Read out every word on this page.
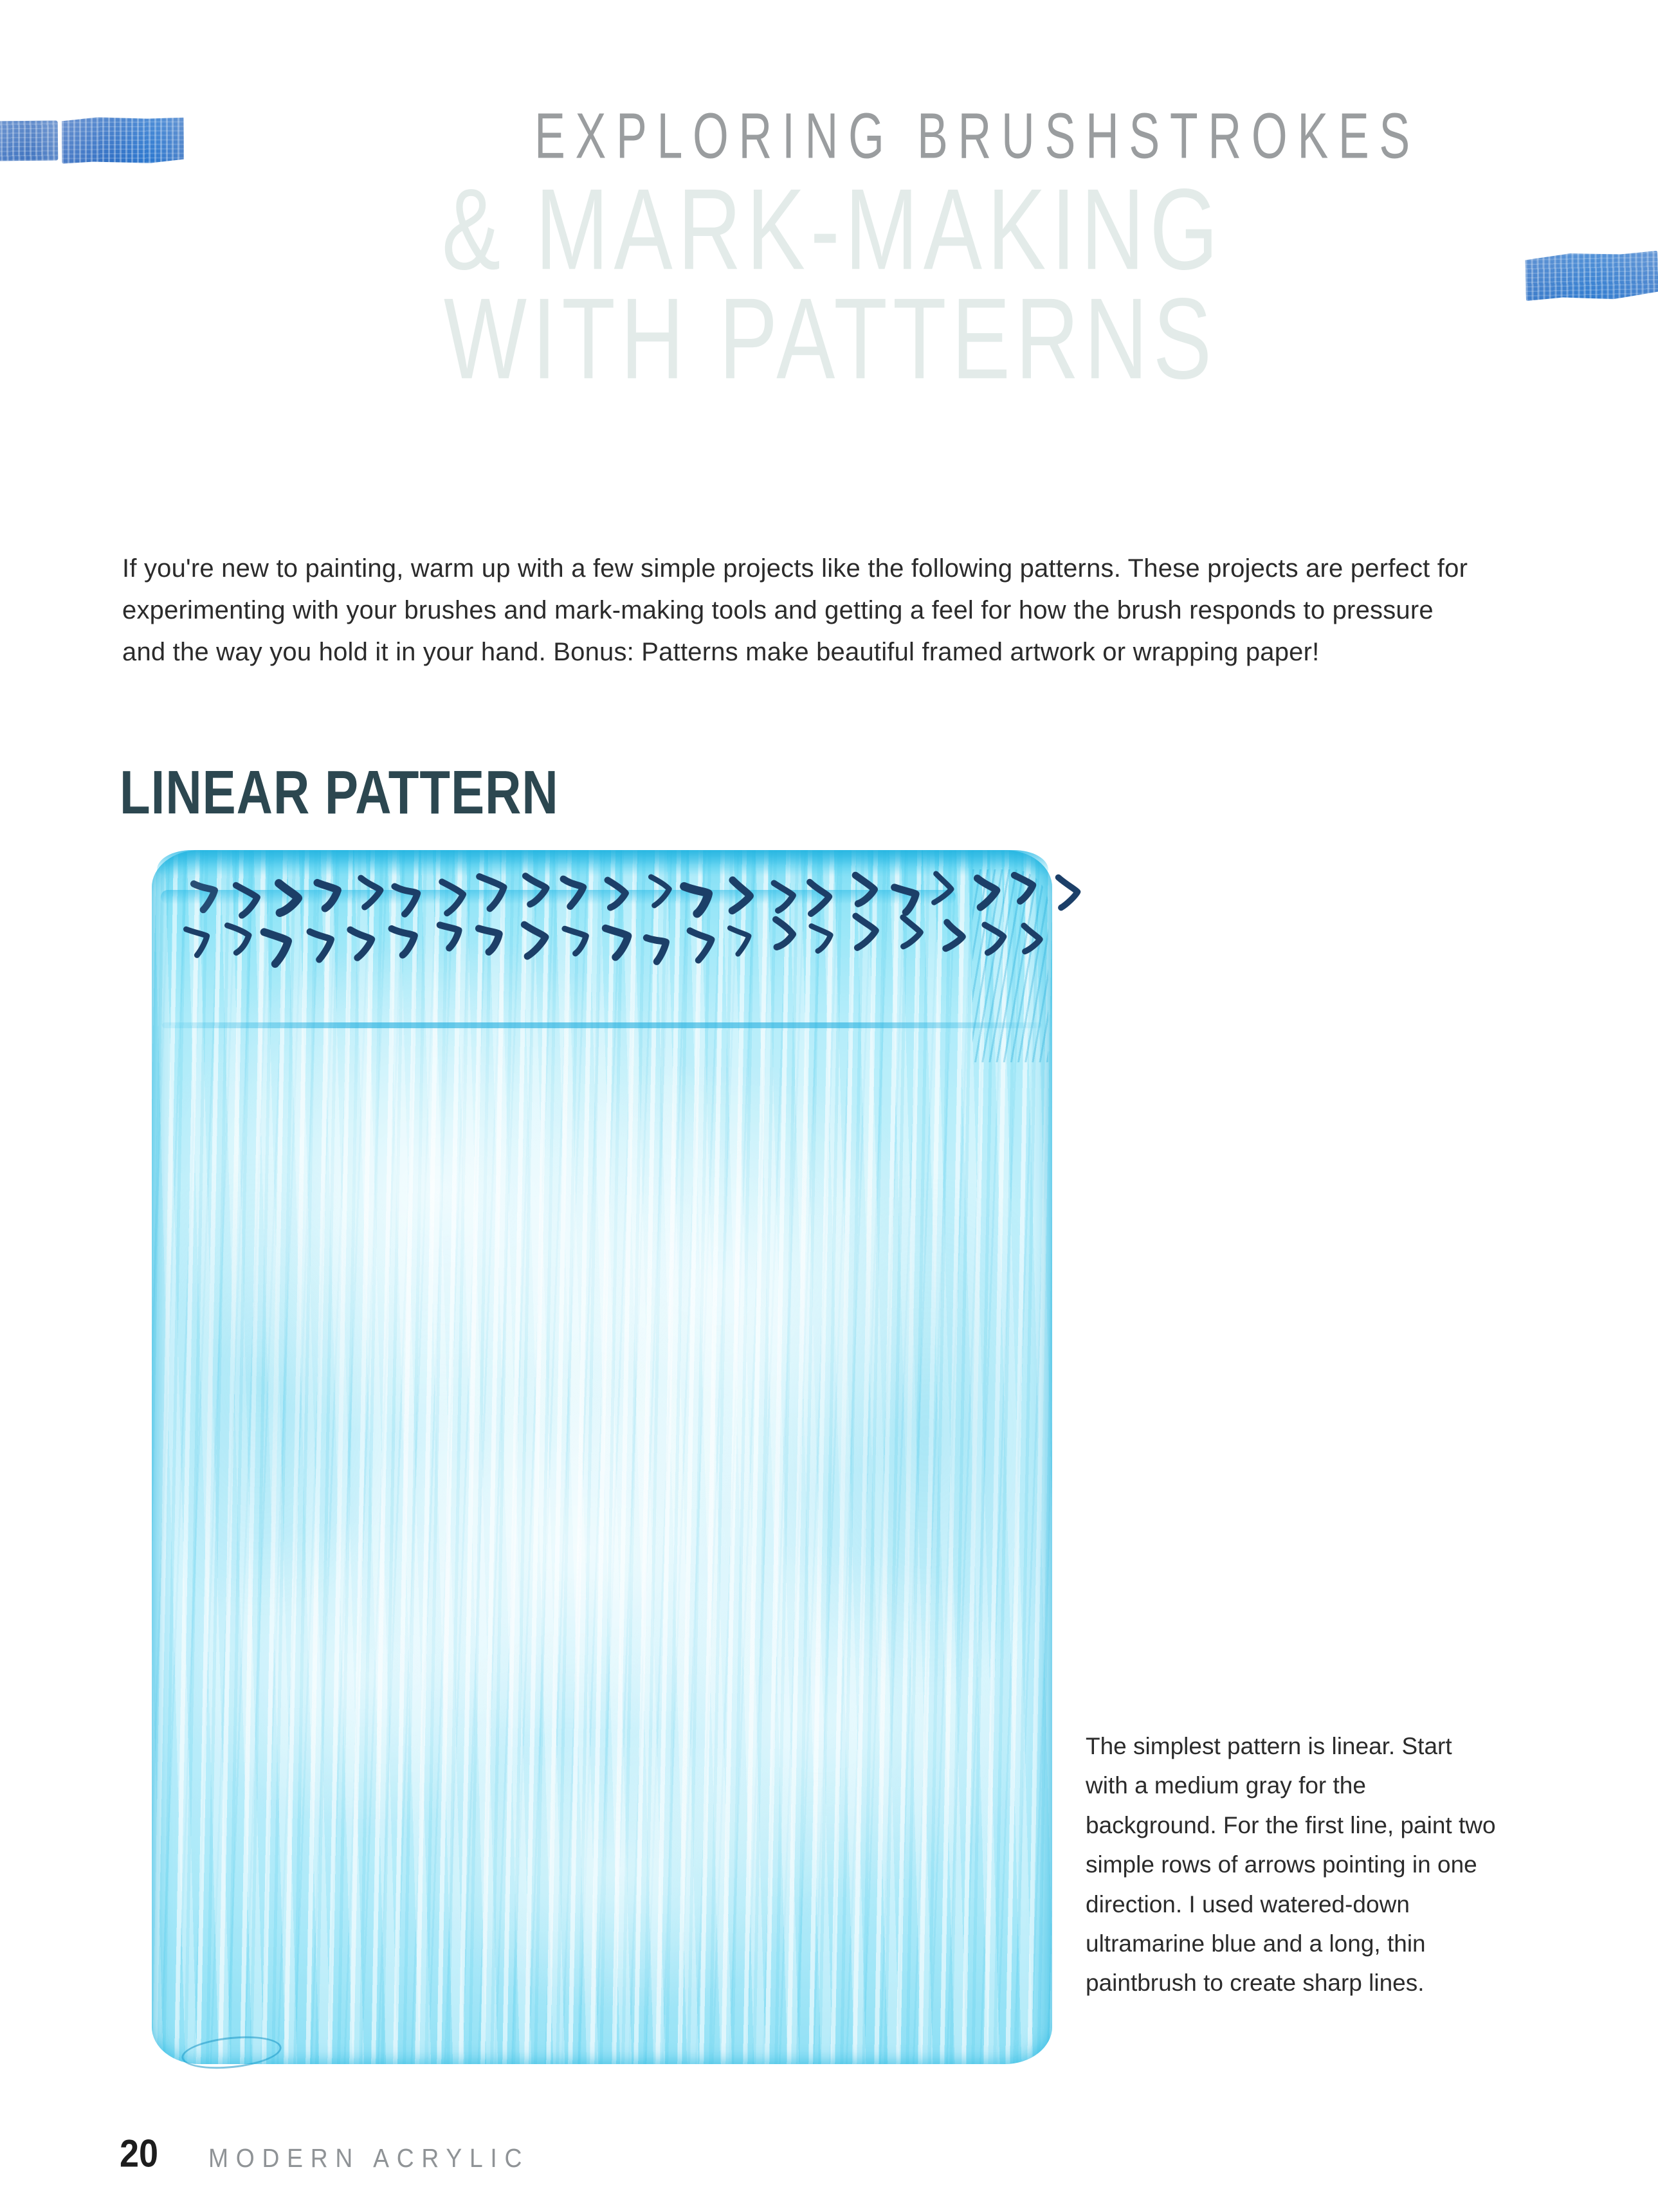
EXPLORING BRUSHSTROKES
& MARK-MAKING
WITH PATTERNS

If you're new to painting, warm up with a few simple projects like the following patterns. These projects are perfect for experimenting with your brushes and mark-making tools and getting a feel for how the brush responds to pressure and the way you hold it in your hand. Bonus: Patterns make beautiful framed artwork or wrapping paper!

LINEAR PATTERN

The simplest pattern is linear. Start with a medium gray for the background. For the first line, paint two simple rows of arrows pointing in one direction. I used watered-down ultramarine blue and a long, thin paintbrush to create sharp lines.

20 MODERN ACRYLIC
